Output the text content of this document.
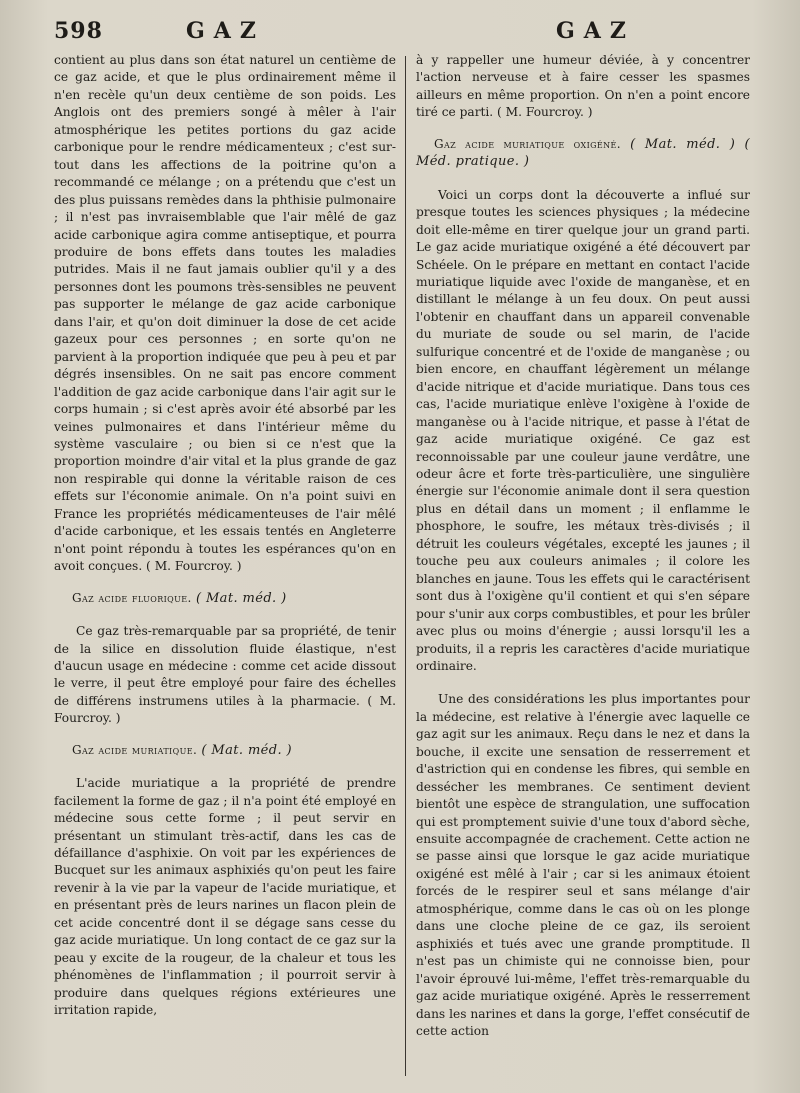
598	GAZ	GAZ

contient au plus dans son état naturel un centième de ce gaz acide, et que le plus ordinairement même il n'en recèle qu'un deux centième de son poids. Les Anglois ont des premiers songé à mêler à l'air atmosphérique les petites portions du gaz acide carbonique pour le rendre médicamenteux ; c'est sur-tout dans les affections de la poitrine qu'on a recommandé ce mélange ; on a prétendu que c'est un des plus puissans remèdes dans la phthisie pulmonaire ; il n'est pas invraisemblable que l'air mêlé de gaz acide carbonique agira comme antiseptique, et pourra produire de bons effets dans toutes les maladies putrides. Mais il ne faut jamais oublier qu'il y a des personnes dont les poumons très-sensibles ne peuvent pas supporter le mélange de gaz acide carbonique dans l'air, et qu'on doit diminuer la dose de cet acide gazeux pour ces personnes ; en sorte qu'on ne parvient à la proportion indiquée que peu à peu et par dégrés insensibles. On ne sait pas encore comment l'addition de gaz acide carbonique dans l'air agit sur le corps humain ; si c'est après avoir été absorbé par les veines pulmonaires et dans l'intérieur même du système vasculaire ; ou bien si ce n'est que la proportion moindre d'air vital et la plus grande de gaz non respirable qui donne la véritable raison de ces effets sur l'économie animale. On n'a point suivi en France les propriétés médicamenteuses de l'air mêlé d'acide carbonique, et les essais tentés en Angleterre n'ont point répondu à toutes les espérances qu'on en avoit conçues. ( M. Fourcroy. )

Gaz acide fluorique. ( Mat. méd. )

Ce gaz très-remarquable par sa propriété, de tenir de la silice en dissolution fluide élastique, n'est d'aucun usage en médecine : comme cet acide dissout le verre, il peut être employé pour faire des échelles de différens instrumens utiles à la pharmacie. ( M. Fourcroy. )

Gaz acide muriatique. ( Mat. méd. )

L'acide muriatique a la propriété de prendre facilement la forme de gaz ; il n'a point été employé en médecine sous cette forme ; il peut servir en présentant un stimulant très-actif, dans les cas de défaillance d'asphixie. On voit par les expériences de Bucquet sur les animaux asphixiés qu'on peut les faire revenir à la vie par la vapeur de l'acide muriatique, et en présentant près de leurs narines un flacon plein de cet acide concentré dont il se dégage sans cesse du gaz acide muriatique. Un long contact de ce gaz sur la peau y excite de la rougeur, de la chaleur et tous les phénomènes de l'inflammation ; il pourroit servir à produire dans quelques régions extérieures une irritation rapide,

à y rappeller une humeur déviée, à y concentrer l'action nerveuse et à faire cesser les spasmes ailleurs en même proportion. On n'en a point encore tiré ce parti. ( M. Fourcroy. )

Gaz acide muriatique oxigéné. ( Mat. méd. ) ( Méd. pratique. )

Voici un corps dont la découverte a influé sur presque toutes les sciences physiques ; la médecine doit elle-même en tirer quelque jour un grand parti. Le gaz acide muriatique oxigéné a été découvert par Schéele. On le prépare en mettant en contact l'acide muriatique liquide avec l'oxide de manganèse, et en distillant le mélange à un feu doux. On peut aussi l'obtenir en chauffant dans un appareil convenable du muriate de soude ou sel marin, de l'acide sulfurique concentré et de l'oxide de manganèse ; ou bien encore, en chauffant légèrement un mélange d'acide nitrique et d'acide muriatique. Dans tous ces cas, l'acide muriatique enlève l'oxigène à l'oxide de manganèse ou à l'acide nitrique, et passe à l'état de gaz acide muriatique oxigéné. Ce gaz est reconnoissable par une couleur jaune verdâtre, une odeur âcre et forte très-particulière, une singulière énergie sur l'économie animale dont il sera question plus en détail dans un moment ; il enflamme le phosphore, le soufre, les métaux très-divisés ; il détruit les couleurs végétales, excepté les jaunes ; il touche peu aux couleurs animales ; il colore les blanches en jaune. Tous les effets qui le caractérisent sont dus à l'oxigène qu'il contient et qui s'en sépare pour s'unir aux corps combustibles, et pour les brûler avec plus ou moins d'énergie ; aussi lorsqu'il les a produits, il a repris les caractères d'acide muriatique ordinaire.

Une des considérations les plus importantes pour la médecine, est relative à l'énergie avec laquelle ce gaz agit sur les animaux. Reçu dans le nez et dans la bouche, il excite une sensation de resserrement et d'astriction qui en condense les fibres, qui semble en dessécher les membranes. Ce sentiment devient bientôt une espèce de strangulation, une suffocation qui est promptement suivie d'une toux d'abord sèche, ensuite accompagnée de crachement. Cette action ne se passe ainsi que lorsque le gaz acide muriatique oxigéné est mêlé à l'air ; car si les animaux étoient forcés de le respirer seul et sans mélange d'air atmosphérique, comme dans le cas où on les plonge dans une cloche pleine de ce gaz, ils seroient asphixiés et tués avec une grande promptitude. Il n'est pas un chimiste qui ne connoisse bien, pour l'avoir éprouvé lui-même, l'effet très-remarquable du gaz acide muriatique oxigéné. Après le resserrement dans les narines et dans la gorge, l'effet consécutif de cette action
